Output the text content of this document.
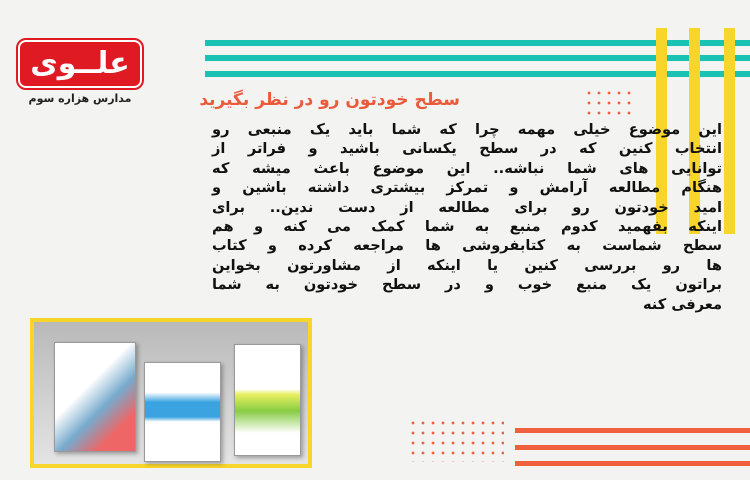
علــوی
مدارس هزاره سوم	سطح خودتون رو در نظر بگیرید
این موضوع خیلی مهمه چرا که شما باید یک منبعی رو
انتخاب کنین که در سطح یکسانی باشید و فراتر از
توانایی های شما نباشه.. این موضوع باعث میشه که
هنگام مطالعه آرامش و تمرکز بیشتری داشته باشین و
امید خودتون رو برای مطالعه از دست ندین.. برای
اینکه بفهمید کدوم منبع به شما کمک می کنه و هم
سطح شماست به کتابفروشی ها مراجعه کرده و کتاب
ها رو بررسی کنین یا اینکه از مشاورتون بخواین
براتون یک منبع خوب و در سطح خودتون به شما
معرفی کنه
